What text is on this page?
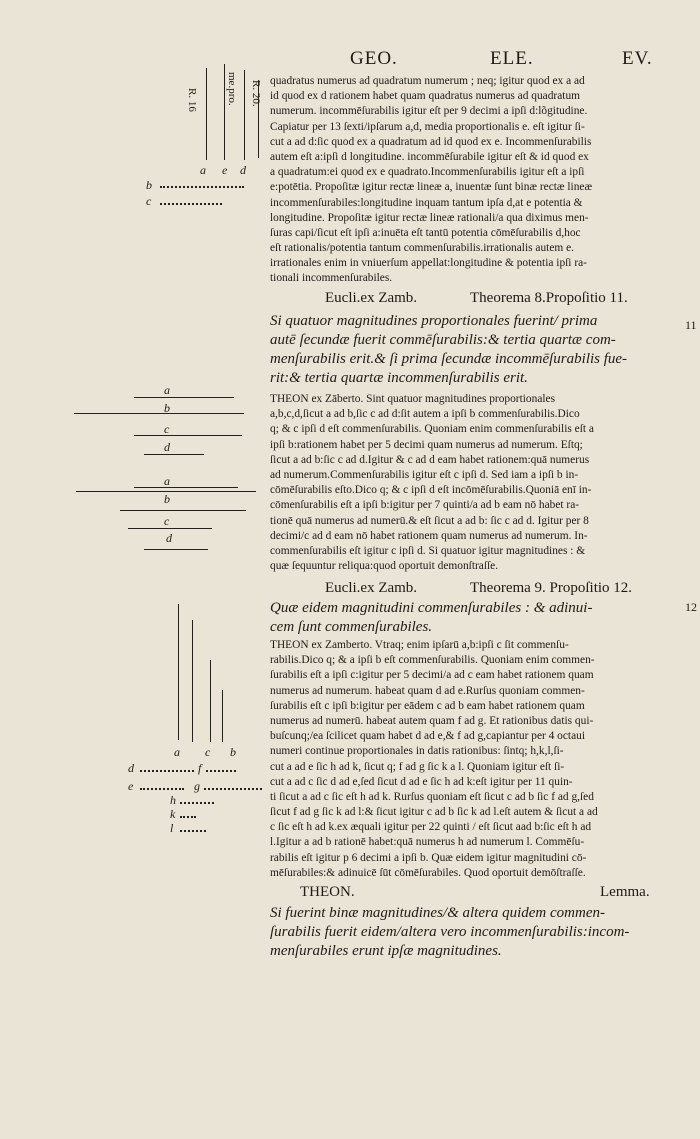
GEO.	ELE.	EV.
quadratus numerus ad quadratum numerum ; neq; igitur quod ex a ad
id quod ex d rationem habet quam quadratus numerus ad quadratum
numerum. incommēſurabilis igitur eſt per 9 decimi a ipſi d:lõgitudine.
Capiatur per 13 ſexti/ipſarum a,d, media proportionalis e. eſt igitur ſi-
cut a ad d:ſic quod ex a quadratum ad id quod ex e. Incommenſurabilis
autem eſt a:ipſi d longitudine. incommēſurabile igitur eſt & id quod ex
a quadratum:ei quod ex e quadrato.Incommenſurabilis igitur eſt a ipſi
e:potētia. Propoſitæ igitur rectæ lineæ a, inuentæ ſunt binæ rectæ lineæ
incommenſurabiles:longitudine inquam tantum ipſa d,at e potentia &
longitudine. Propoſitæ igitur rectæ lineæ rationali/a qua diximus men-
ſuras capi/ſicut eſt ipſi a:inuēta eſt tantū potentia cōmēſurabilis d,hoc
eſt rationalis/potentia tantum commenſurabilis.irrationalis autem e.
irrationales enim in vniuerſum appellat:longitudine & potentia ipſi ra-
tionali incommenſurabiles.
Eucli.ex Zamb.	Theorema 8.Propoſitio 11.
11
Si quatuor magnitudines proportionales fuerint/ prima
autē ſecundæ fuerit commēſurabilis:& tertia quartæ com-
menſurabilis erit.& ſi prima ſecundæ incommēſurabilis fue-
rit:& tertia quartæ incommenſurabilis erit.
THEON ex Zāberto. Sint quatuor magnitudines proportionales
a,b,c,d,ſicut a ad b,ſic c ad d:ſit autem a ipſi b commenſurabilis.Dico
q; & c ipſi d eſt commenſurabilis. Quoniam enim commenſurabilis eſt a
ipſi b:rationem habet per 5 decimi quam numerus ad numerum. Eſtq;
ſicut a ad b:ſic c ad d.Igitur & c ad d eam habet rationem:quā numerus
ad numerum.Commenſurabilis igitur eſt c ipſi d. Sed iam a ipſi b in-
cōmēſurabilis eſto.Dico q; & c ipſi d eſt incōmēſurabilis.Quoniā enī in-
cōmenſurabilis eſt a ipſi b:igitur per 7 quinti/a ad b eam nō habet ra-
tionē quā numerus ad numerū.& eſt ſicut a ad b: ſic c ad d. Igitur per 8
decimi/c ad d eam nō habet rationem quam numerus ad numerum. In-
commenſurabilis eſt igitur c ipſi d. Si quatuor igitur magnitudines : &
quæ ſequuntur reliqua:quod oportuit demonſtraſſe.
Eucli.ex Zamb.	Theorema 9. Propoſitio 12.
12
Quæ eidem magnitudini commenſurabiles : & adinui-
cem ſunt commenſurabiles.
THEON ex Zamberto. Vtraq; enim ipſarū a,b:ipſi c ſit commenſu-
rabilis.Dico q; & a ipſi b eſt commenſurabilis. Quoniam enim commen-
ſurabilis eſt a ipſi c:igitur per 5 decimi/a ad c eam habet rationem quam
numerus ad numerum. habeat quam d ad e.Rurſus quoniam commen-
ſurabilis eſt c ipſi b:igitur per eādem c ad b eam habet rationem quam
numerus ad numerū. habeat autem quam f ad g. Et rationibus datis qui-
buſcunq;/ea ſcilicet quam habet d ad e,& f ad g,capiantur per 4 octaui
numeri continue proportionales in datis rationibus: ſintq; h,k,l,ſi-
cut a ad e ſic h ad k, ſicut q; f ad g ſic k a l. Quoniam igitur eſt ſi-
cut a ad c ſic d ad e,ſed ſicut d ad e ſic h ad k:eſt igitur per 11 quin-
ti ſicut a ad c ſic eſt h ad k. Rurſus quoniam eſt ſicut c ad b ſic f ad g,ſed
ſicut f ad g ſic k ad l:& ſicut igitur c ad b ſic k ad l.eſt autem & ſicut a ad
c ſic eſt h ad k.ex æquali igitur per 22 quinti / eſt ſicut aad b:ſic eſt h ad
l.Igitur a ad b rationē habet:quā numerus h ad numerum l. Commēſu-
rabilis eſt igitur p 6 decimi a ipſi b. Quæ eidem igitur magnitudini cō-
mēſurabiles:& adinuicē ſūt cōmēſurabiles. Quod oportuit demōſtraſſe.
THEON.	Lemma.
Si fuerint binæ magnitudines/& altera quidem commen-
ſurabilis fuerit eidem/altera vero incommenſurabilis:incom-
menſurabiles erunt ipſæ magnitudines.
R. 20.
me.pro.
R. 16
a e d
b
c
a
b
c
d
a
b
c
d
a c b
d	f
e	g
h
k
l
